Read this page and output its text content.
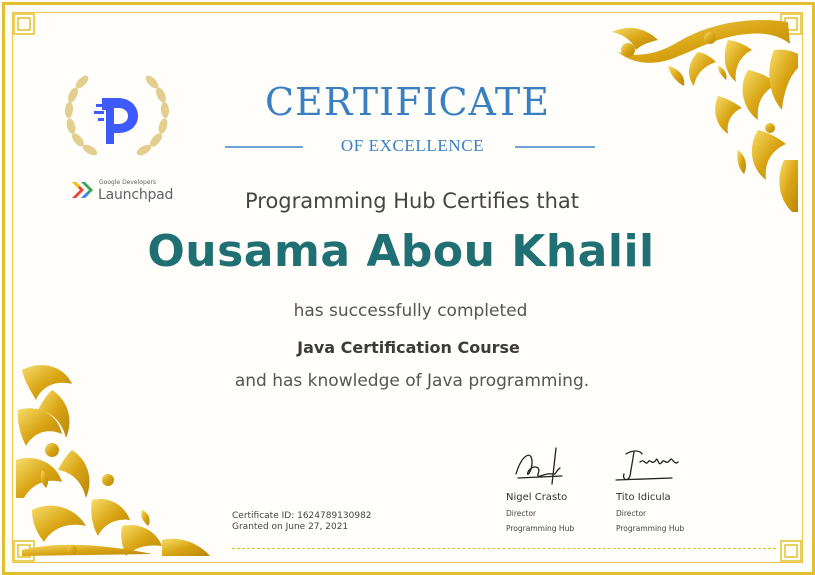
Google Developers
Launchpad
CERTIFICATE
OF EXCELLENCE
Programming Hub Certifies that
Ousama Abou Khalil
has successfully completed
Java Certification Course
and has knowledge of Java programming.
Certificate ID: 1624789130982
Granted on June 27, 2021
Nigel Crasto
Director
Programming Hub
Tito Idicula
Director
Programming Hub
